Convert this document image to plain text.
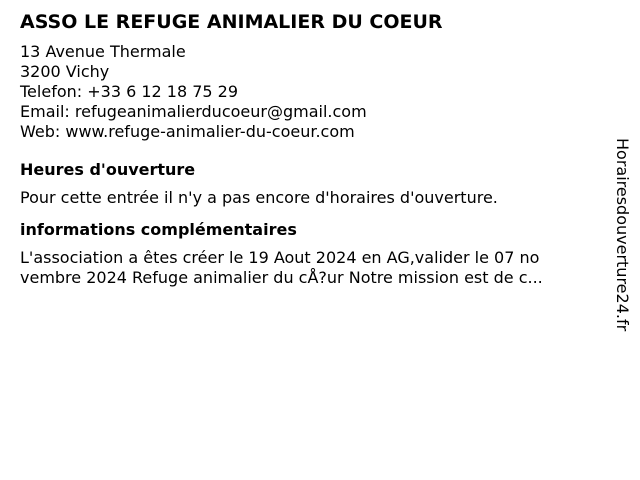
ASSO LE REFUGE ANIMALIER DU COEUR
13 Avenue Thermale
3200 Vichy
Telefon: +33 6 12 18 75 29
Email: refugeanimalierducoeur@gmail.com
Web: www.refuge-animalier-du-coeur.com
Heures d'ouverture
Pour cette entrée il n'y a pas encore d'horaires d'ouverture.
informations complémentaires
L'association a êtes créer le 19 Aout 2024 en AG,valider le 07 no
vembre 2024 Refuge animalier du cÅ?ur Notre mission est de c...	Horairesdouverture24.fr
